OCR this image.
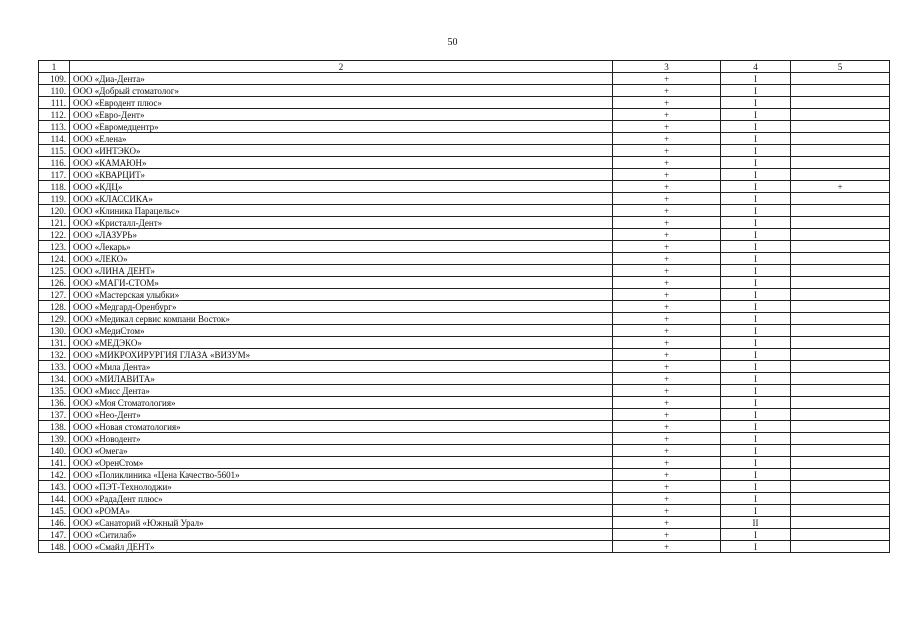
50
1	2	3	4	5
109.	ООО «Диа-Дента»	+	I	
110.	ООО «Добрый стоматолог»	+	I	
111.	ООО «Евродент плюс»	+	I	
112.	ООО «Евро-Дент»	+	I	
113.	ООО «Евромедцентр»	+	I	
114.	ООО «Елена»	+	I	
115.	ООО «ИНТЭКО»	+	I	
116.	ООО «КАМАЮН»	+	I	
117.	ООО «КВАРЦИТ»	+	I	
118.	ООО «КДЦ»	+	I	+
119.	ООО «КЛАССИКА»	+	I	
120.	ООО «Клиника Парацельс»	+	I	
121.	ООО «Кристалл-Дент»	+	I	
122.	ООО «ЛАЗУРЬ»	+	I	
123.	ООО «Лекарь»	+	I	
124.	ООО «ЛЕКО»	+	I	
125.	ООО «ЛИНА ДЕНТ»	+	I	
126.	ООО «МАГИ-СТОМ»	+	I	
127.	ООО «Мастерская улыбки»	+	I	
128.	ООО «Медгард-Оренбург»	+	I	
129.	ООО «Медикал сервис компани Восток»	+	I	
130.	ООО «МедиСтом»	+	I	
131.	ООО «МЕДЭКО»	+	I	
132.	ООО «МИКРОХИРУРГИЯ ГЛАЗА «ВИЗУМ»	+	I	
133.	ООО «Мила Дента»	+	I	
134.	ООО «МИЛАВИТА»	+	I	
135.	ООО «Мисс Дента»	+	I	
136.	ООО «Моя Стоматология»	+	I	
137.	ООО «Нео-Дент»	+	I	
138.	ООО «Новая стоматология»	+	I	
139.	ООО «Новодент»	+	I	
140.	ООО «Омега»	+	I	
141.	ООО «ОренСтом»	+	I	
142.	ООО «Поликлиника «Цена Качество-5601»	+	I	
143.	ООО «ПЭТ-Технолоджи»	+	I	
144.	ООО «РадаДент плюс»	+	I	
145.	ООО «РОМА»	+	I	
146.	ООО «Санаторий «Южный Урал»	+	II	
147.	ООО «Ситилаб»	+	I	
148.	ООО «Смайл ДЕНТ»	+	I	
